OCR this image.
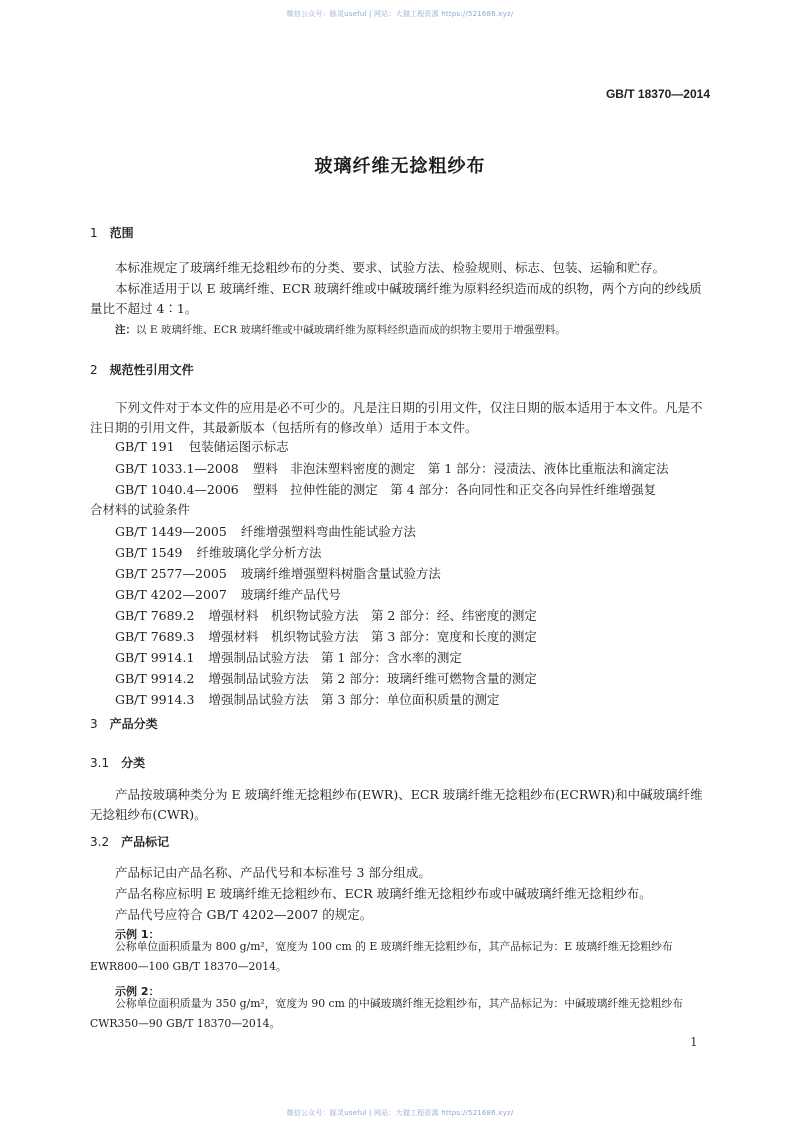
微信公众号：豚灵useful | 网站：大猫工程资源 https://521686.xyz/
GB/T 18370—2014
玻璃纤维无捻粗纱布
1 范围
本标准规定了玻璃纤维无捻粗纱布的分类、要求、试验方法、检验规则、标志、包装、运输和贮存。
本标准适用于以 E 玻璃纤维、ECR 玻璃纤维或中碱玻璃纤维为原料经织造而成的织物，两个方向的纱线质量比不超过 4∶1。
注：以 E 玻璃纤维、ECR 玻璃纤维或中碱玻璃纤维为原料经织造而成的织物主要用于增强塑料。
2 规范性引用文件
下列文件对于本文件的应用是必不可少的。凡是注日期的引用文件，仅注日期的版本适用于本文件。凡是不注日期的引用文件，其最新版本（包括所有的修改单）适用于本文件。
GB/T 191 包装储运图示标志
GB/T 1033.1—2008 塑料　非泡沫塑料密度的测定　第 1 部分：浸渍法、液体比重瓶法和滴定法
GB/T 1040.4—2006 塑料　拉伸性能的测定　第 4 部分：各向同性和正交各向异性纤维增强复
合材料的试验条件
GB/T 1449—2005 纤维增强塑料弯曲性能试验方法
GB/T 1549 纤维玻璃化学分析方法
GB/T 2577—2005 玻璃纤维增强塑料树脂含量试验方法
GB/T 4202—2007 玻璃纤维产品代号
GB/T 7689.2 增强材料　机织物试验方法　第 2 部分：经、纬密度的测定
GB/T 7689.3 增强材料　机织物试验方法　第 3 部分：宽度和长度的测定
GB/T 9914.1 增强制品试验方法　第 1 部分：含水率的测定
GB/T 9914.2 增强制品试验方法　第 2 部分：玻璃纤维可燃物含量的测定
GB/T 9914.3 增强制品试验方法　第 3 部分：单位面积质量的测定
3 产品分类
3.1 分类
产品按玻璃种类分为 E 玻璃纤维无捻粗纱布(EWR)、ECR 玻璃纤维无捻粗纱布(ECRWR)和中碱玻璃纤维无捻粗纱布(CWR)。
3.2 产品标记
产品标记由产品名称、产品代号和本标准号 3 部分组成。
产品名称应标明 E 玻璃纤维无捻粗纱布、ECR 玻璃纤维无捻粗纱布或中碱玻璃纤维无捻粗纱布。
产品代号应符合 GB/T 4202—2007 的规定。
示例 1：
公称单位面积质量为 800 g/m²，宽度为 100 cm 的 E 玻璃纤维无捻粗纱布，其产品标记为：E 玻璃纤维无捻粗纱布 EWR800—100 GB/T 18370—2014。
示例 2：
公称单位面积质量为 350 g/m²，宽度为 90 cm 的中碱玻璃纤维无捻粗纱布，其产品标记为：中碱玻璃纤维无捻粗纱布 CWR350—90 GB/T 18370—2014。
1
微信公众号：豚灵useful | 网站：大猫工程资源 https://521686.xyz/
